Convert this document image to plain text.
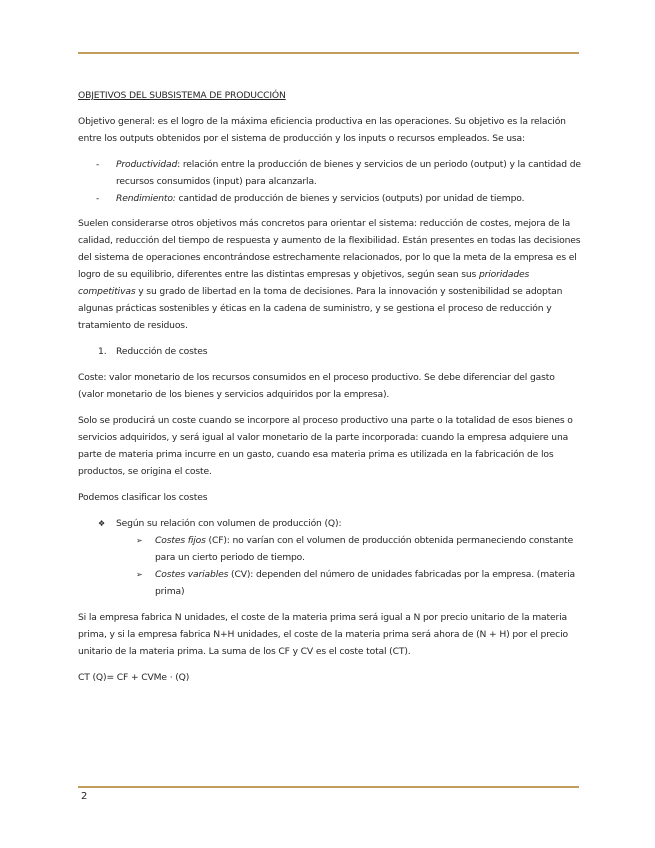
OBJETIVOS DEL SUBSISTEMA DE PRODUCCIÓN

Objetivo general: es el logro de la máxima eficiencia productiva en las operaciones. Su objetivo es la relación entre los outputs obtenidos por el sistema de producción y los inputs o recursos empleados. Se usa:

- Productividad: relación entre la producción de bienes y servicios de un periodo (output) y la cantidad de recursos consumidos (input) para alcanzarla.
- Rendimiento: cantidad de producción de bienes y servicios (outputs) por unidad de tiempo.

Suelen considerarse otros objetivos más concretos para orientar el sistema: reducción de costes, mejora de la calidad, reducción del tiempo de respuesta y aumento de la flexibilidad. Están presentes en todas las decisiones del sistema de operaciones encontrándose estrechamente relacionados, por lo que la meta de la empresa es el logro de su equilibrio, diferentes entre las distintas empresas y objetivos, según sean sus prioridades competitivas y su grado de libertad en la toma de decisiones. Para la innovación y sostenibilidad se adoptan algunas prácticas sostenibles y éticas en la cadena de suministro, y se gestiona el proceso de reducción y tratamiento de residuos.

1. Reducción de costes

Coste: valor monetario de los recursos consumidos en el proceso productivo. Se debe diferenciar del gasto (valor monetario de los bienes y servicios adquiridos por la empresa).

Solo se producirá un coste cuando se incorpore al proceso productivo una parte o la totalidad de esos bienes o servicios adquiridos, y será igual al valor monetario de la parte incorporada: cuando la empresa adquiere una parte de materia prima incurre en un gasto, cuando esa materia prima es utilizada en la fabricación de los productos, se origina el coste.

Podemos clasificar los costes

❖ Según su relación con volumen de producción (Q):

➢ Costes fijos (CF): no varían con el volumen de producción obtenida permaneciendo constante para un cierto periodo de tiempo.
➢ Costes variables (CV): dependen del número de unidades fabricadas por la empresa. (materia prima)

Si la empresa fabrica N unidades, el coste de la materia prima será igual a N por precio unitario de la materia prima, y si la empresa fabrica N+H unidades, el coste de la materia prima será ahora de (N + H) por el precio unitario de la materia prima. La suma de los CF y CV es el coste total (CT).

CT (Q)= CF + CVMe · (Q)

2
